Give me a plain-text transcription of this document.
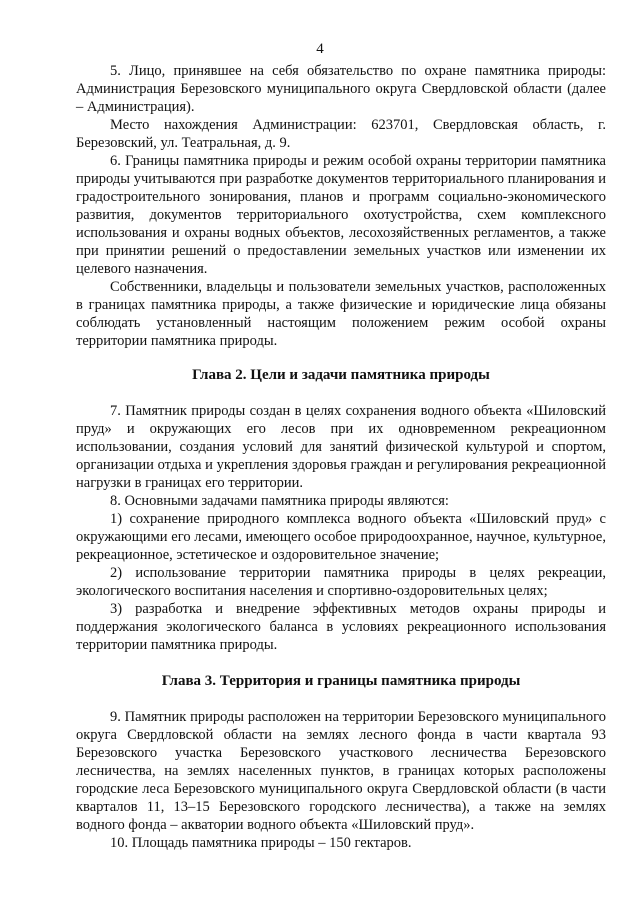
4

5. Лицо, принявшее на себя обязательство по охране памятника природы: Администрация Березовского муниципального округа Свердловской области (далее – Администрация).

Место нахождения Администрации: 623701, Свердловская область, г. Березовский, ул. Театральная, д. 9.

6. Границы памятника природы и режим особой охраны территории памятника природы учитываются при разработке документов территориального планирования и градостроительного зонирования, планов и программ социально-экономического развития, документов территориального охотустройства, схем комплексного использования и охраны водных объектов, лесохозяйственных регламентов, а также при принятии решений о предоставлении земельных участков или изменении их целевого назначения.

Собственники, владельцы и пользователи земельных участков, расположенных в границах памятника природы, а также физические и юридические лица обязаны соблюдать установленный настоящим положением режим особой охраны территории памятника природы.

Глава 2. Цели и задачи памятника природы

7. Памятник природы создан в целях сохранения водного объекта «Шиловский пруд» и окружающих его лесов при их одновременном рекреационном использовании, создания условий для занятий физической культурой и спортом, организации отдыха и укрепления здоровья граждан и регулирования рекреационной нагрузки в границах его территории.

8. Основными задачами памятника природы являются:

1) сохранение природного комплекса водного объекта «Шиловский пруд» с окружающими его лесами, имеющего особое природоохранное, научное, культурное, рекреационное, эстетическое и оздоровительное значение;

2) использование территории памятника природы в целях рекреации, экологического воспитания населения и спортивно-оздоровительных целях;

3) разработка и внедрение эффективных методов охраны природы и поддержания экологического баланса в условиях рекреационного использования территории памятника природы.

Глава 3. Территория и границы памятника природы

9. Памятник природы расположен на территории Березовского муниципального округа Свердловской области на землях лесного фонда в части квартала 93 Березовского участка Березовского участкового лесничества Березовского лесничества, на землях населенных пунктов, в границах которых расположены городские леса Березовского муниципального округа Свердловской области (в части кварталов 11, 13–15 Березовского городского лесничества), а также на землях водного фонда – акватории водного объекта «Шиловский пруд».

10. Площадь памятника природы – 150 гектаров.
